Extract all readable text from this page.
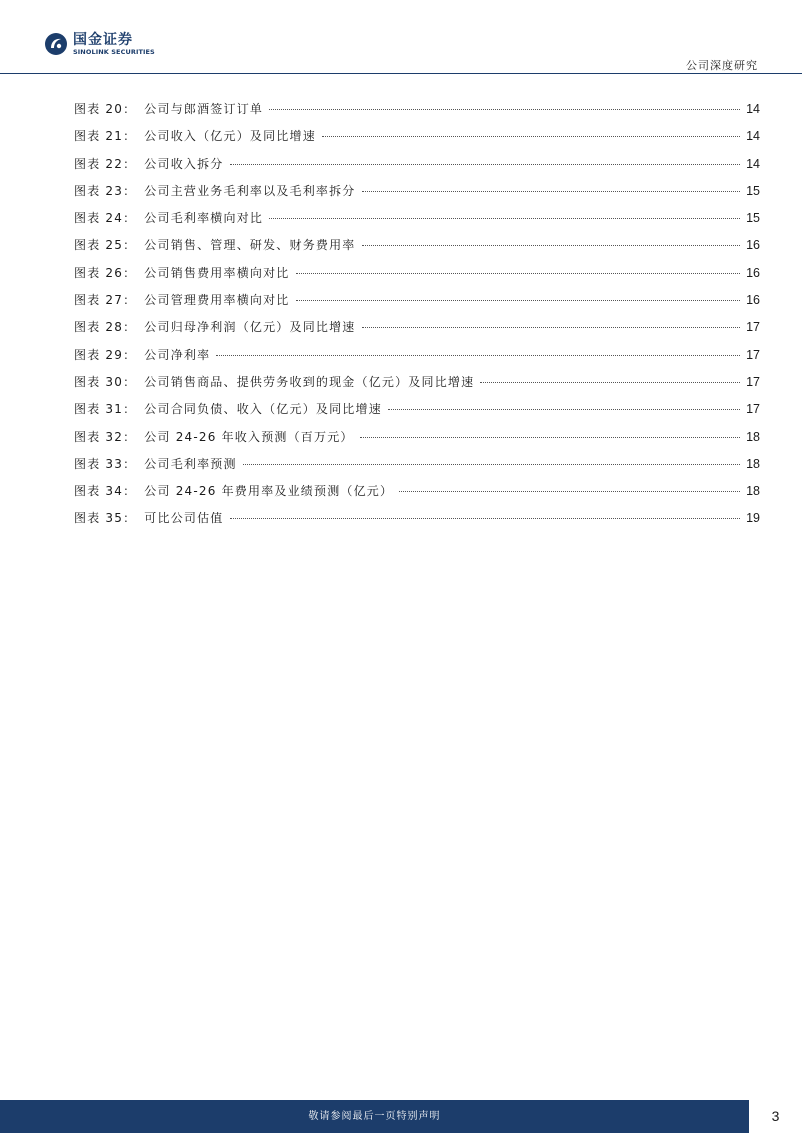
国金证券
SINOLINK SECURITIES
公司深度研究
图表 20： 公司与郎酒签订订单	14
图表 21： 公司收入（亿元）及同比增速	14
图表 22： 公司收入拆分	14
图表 23： 公司主营业务毛利率以及毛利率拆分	15
图表 24： 公司毛利率横向对比	15
图表 25： 公司销售、管理、研发、财务费用率	16
图表 26： 公司销售费用率横向对比	16
图表 27： 公司管理费用率横向对比	16
图表 28： 公司归母净利润（亿元）及同比增速	17
图表 29： 公司净利率	17
图表 30： 公司销售商品、提供劳务收到的现金（亿元）及同比增速	17
图表 31： 公司合同负债、收入（亿元）及同比增速	17
图表 32： 公司 24-26 年收入预测（百万元）	18
图表 33： 公司毛利率预测	18
图表 34： 公司 24-26 年费用率及业绩预测（亿元）	18
图表 35： 可比公司估值	19
敬请参阅最后一页特别声明	3
